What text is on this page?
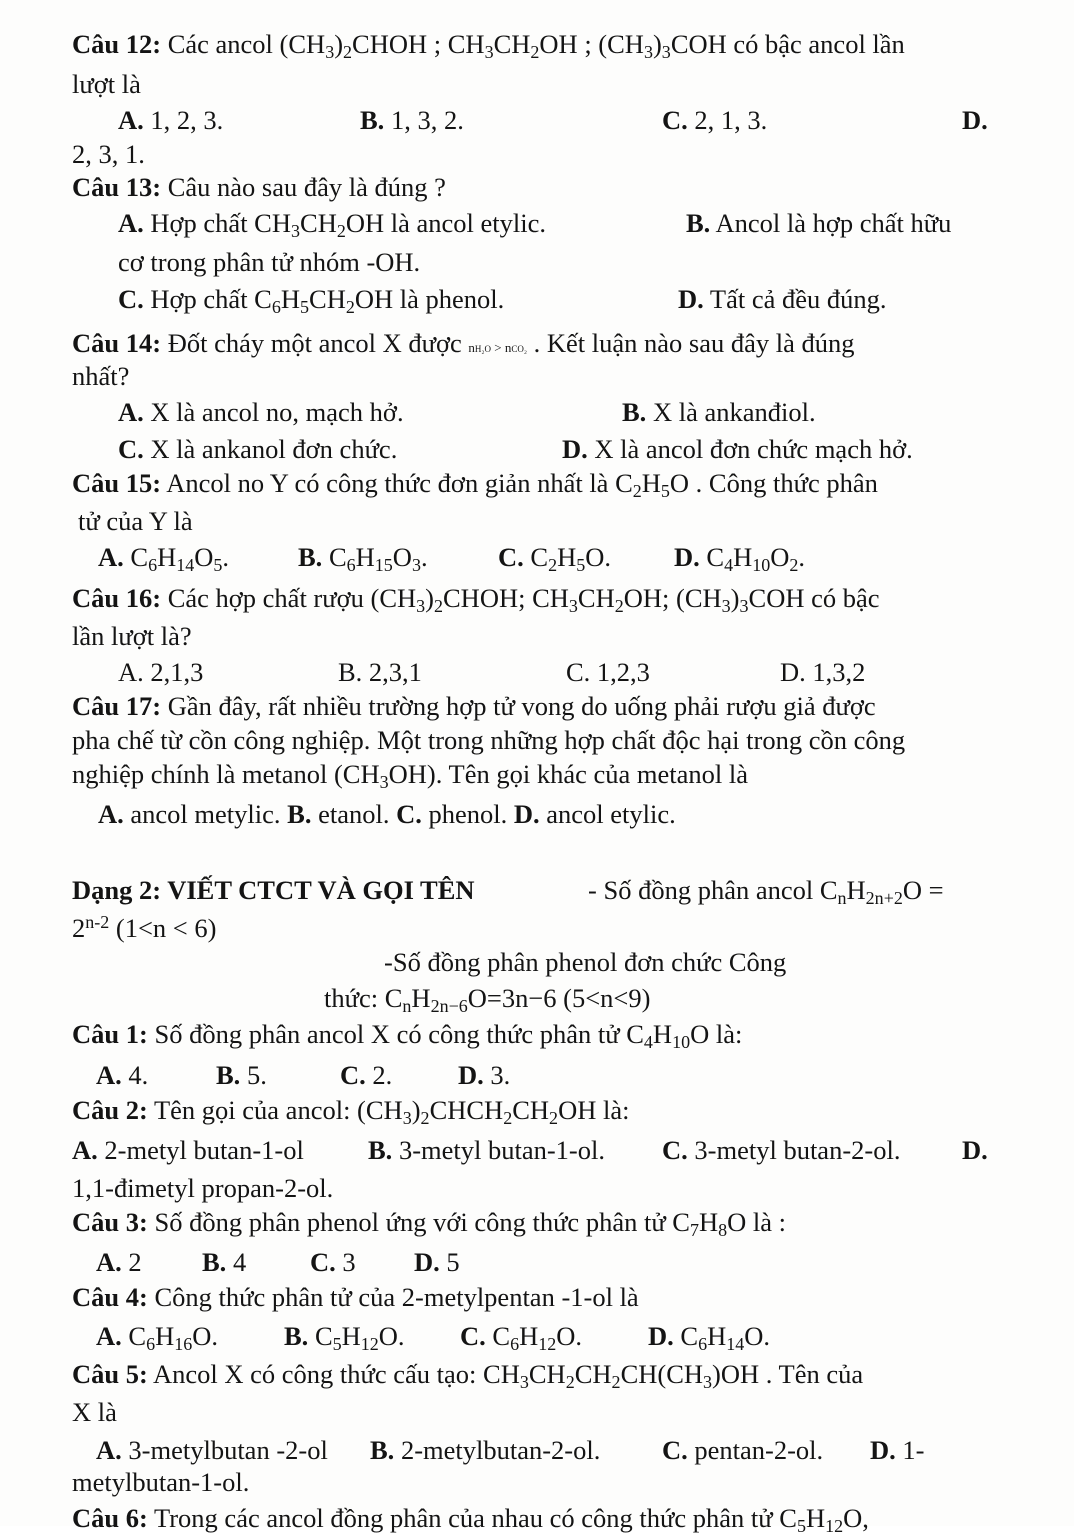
Câu 12: Các ancol $(CH_3)_2CHOH$ ; $CH_3CH_2OH$ ; $(CH_3)_3COH$ có bậc ancol lần
lượt là
A. 1, 2, 3.	B. 1, 3, 2.	C. 2, 1, 3.	D.
2, 3, 1.
Câu 13: Câu nào sau đây là đúng ?
A. Hợp chất $CH_3CH_2OH$ là ancol etylic.	B. Ancol là hợp chất hữu
cơ trong phân tử nhóm -OH.
C. Hợp chất $C_6H_5CH_2OH$ là phenol.	D. Tất cả đều đúng.
Câu 14: Đốt cháy một ancol X được nH₂O > nCO₂ . Kết luận nào sau đây là đúng
nhất?
A. X là ancol no, mạch hở.	B. X là ankanđiol.
C. X là ankanol đơn chức.	D. X là ancol đơn chức mạch hở.
Câu 15: Ancol no Y có công thức đơn giản nhất là $C_2H_5O$ . Công thức phân
tử của Y là
A. $C_6H_{14}O_5$.	B. $C_6H_{15}O_3$.	C. $C_2H_5O$. D. $C_4H_{10}O_2$.
Câu 16: Các hợp chất rượu $(CH_3)_2CHOH$; $CH_3CH_2OH$; $(CH_3)_3COH$ có bậc
lần lượt là?
A. 2,1,3	B. 2,3,1	C. 1,2,3	D. 1,3,2
Câu 17: Gần đây, rất nhiều trường hợp tử vong do uống phải rượu giả được
pha chế từ cồn công nghiệp. Một trong những hợp chất độc hại trong cồn công
nghiệp chính là metanol $(CH_3OH)$. Tên gọi khác của metanol là
A. ancol metylic. B. etanol. C. phenol. D. ancol etylic.
Dạng 2: VIẾT CTCT VÀ GỌI TÊN	- Số đồng phân ancol $C_nH_{2n+2}O$ =
$2^{n-2}$ (1<n < 6)
-Số đồng phân phenol đơn chức Công
thức: $C_nH_{2n-6}O=3n-6$ (5<n<9)
Câu 1: Số đồng phân ancol X có công thức phân tử $C_4H_{10}O$ là:
A. 4.	B. 5.	C. 2. D. 3.
Câu 2: Tên gọi của ancol: $(CH_3)_2CHCH_2CH_2OH$ là:
A. 2-metyl butan-1-ol B. 3-metyl butan-1-ol. C. 3-metyl butan-2-ol. D.
1,1-đimetyl propan-2-ol.
Câu 3: Số đồng phân phenol ứng với công thức phân tử $C_7H_8O$ là :
A. 2 B. 4 C. 3 D. 5
Câu 4: Công thức phân tử của 2-metylpentan -1-ol là
A. $C_6H_{16}O$. B. $C_5H_{12}O$. C. $C_6H_{12}O$. D. $C_6H_{14}O$.
Câu 5: Ancol X có công thức cấu tạo: $CH_3CH_2CH_2CH(CH_3)OH$ . Tên của
X là
A. 3-metylbutan -2-ol B. 2-metylbutan-2-ol. C. pentan-2-ol. D. 1-
metylbutan-1-ol.
Câu 6: Trong các ancol đồng phân của nhau có công thức phân tử $C_5H_{12}O$,
